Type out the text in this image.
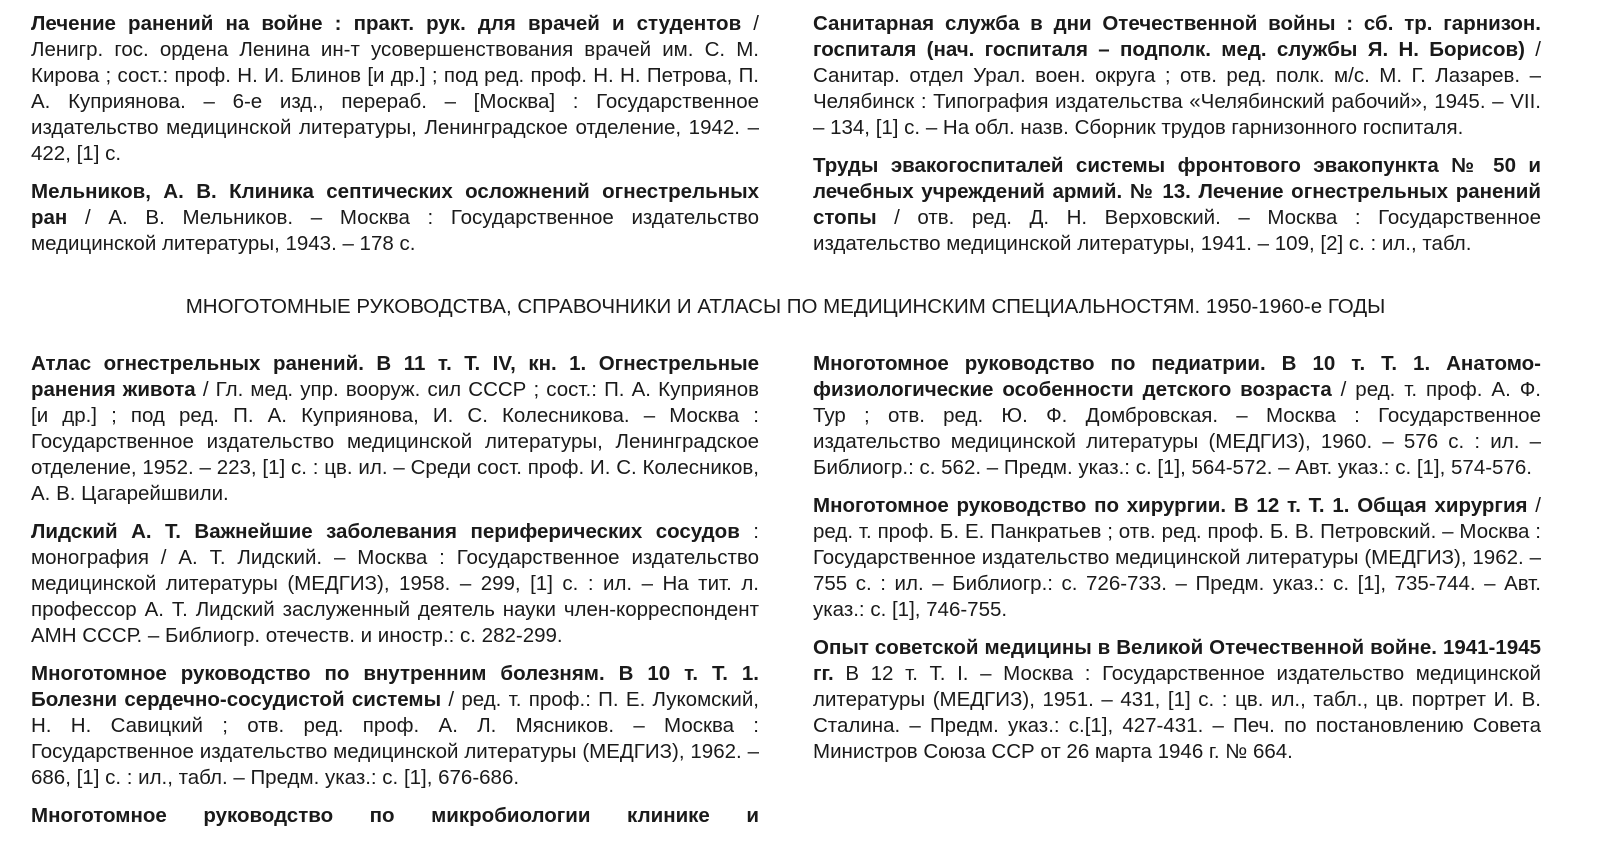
Лечение ранений на войне : практ. рук. для врачей и студентов / Ленигр. гос. ордена Ленина ин-т усовершенствования врачей им. С. М. Кирова ; сост.: проф. Н. И. Блинов [и др.] ; под ред. проф. Н. Н. Петрова, П. А. Куприянова. – 6-е изд., перераб. – [Москва] : Государственное издательство медицинской литературы, Ленинградское отделение, 1942. – 422, [1] с.

Мельников, А. В. Клиника септических осложнений огнестрельных ран / А. В. Мельников. – Москва : Государственное издательство медицинской литературы, 1943. – 178 с.

Санитарная служба в дни Отечественной войны : сб. тр. гарнизон. госпиталя (нач. госпиталя – подполк. мед. службы Я. Н. Борисов) / Санитар. отдел Урал. воен. округа ; отв. ред. полк. м/с. М. Г. Лазарев. – Челябинск : Типография издательства «Челябинский рабочий», 1945. – VII. – 134, [1] с. – На обл. назв. Сборник трудов гарнизонного госпиталя.

Труды эвакогоспиталей системы фронтового эвакопункта № 50 и лечебных учреждений армий. № 13. Лечение огнестрельных ранений стопы / отв. ред. Д. Н. Верховский. – Москва : Государственное издательство медицинской литературы, 1941. – 109, [2] с. : ил., табл.

МНОГОТОМНЫЕ РУКОВОДСТВА, СПРАВОЧНИКИ И АТЛАСЫ ПО МЕДИЦИНСКИМ СПЕЦИАЛЬНОСТЯМ. 1950-1960-е ГОДЫ

Атлас огнестрельных ранений. В 11 т. Т. IV, кн. 1. Огнестрельные ранения живота / Гл. мед. упр. вооруж. сил СССР ; сост.: П. А. Куприянов [и др.] ; под ред. П. А. Куприянова, И. С. Колесникова. – Москва : Государственное издательство медицинской литературы, Ленинградское отделение, 1952. – 223, [1] с. : цв. ил. – Среди сост. проф. И. С. Колесников, А. В. Цагарейшвили.

Лидский А. Т. Важнейшие заболевания периферических сосудов : монография / А. Т. Лидский. – Москва : Государственное издательство медицинской литературы (МЕДГИЗ), 1958. – 299, [1] с. : ил. – На тит. л. профессор А. Т. Лидский заслуженный деятель науки член-корреспондент АМН СССР. – Библиогр. отечеств. и иностр.: с. 282-299.

Многотомное руководство по внутренним болезням. В 10 т. Т. 1. Болезни сердечно-сосудистой системы / ред. т. проф.: П. Е. Лукомский, Н. Н. Савицкий ; отв. ред. проф. А. Л. Мясников. – Москва : Государственное издательство медицинской литературы (МЕДГИЗ), 1962. – 686, [1] с. : ил., табл. – Предм. указ.: с. [1], 676-686.

Многотомное руководство по микробиологии клинике и

Многотомное руководство по педиатрии. В 10 т. Т. 1. Анатомо-физиологические особенности детского возраста / ред. т. проф. А. Ф. Тур ; отв. ред. Ю. Ф. Домбровская. – Москва : Государственное издательство медицинской литературы (МЕДГИЗ), 1960. – 576 с. : ил. – Библиогр.: с. 562. – Предм. указ.: с. [1], 564-572. – Авт. указ.: с. [1], 574-576.

Многотомное руководство по хирургии. В 12 т. Т. 1. Общая хирургия / ред. т. проф. Б. Е. Панкратьев ; отв. ред. проф. Б. В. Петровский. – Москва : Государственное издательство медицинской литературы (МЕДГИЗ), 1962. – 755 с. : ил. – Библиогр.: с. 726-733. – Предм. указ.: с. [1], 735-744. – Авт. указ.: с. [1], 746-755.

Опыт советской медицины в Великой Отечественной войне. 1941-1945 гг. В 12 т. Т. I. – Москва : Государственное издательство медицинской литературы (МЕДГИЗ), 1951. – 431, [1] с. : цв. ил., табл., цв. портрет И. В. Сталина. – Предм. указ.: с.[1], 427-431. – Печ. по постановлению Совета Министров Союза ССР от 26 марта 1946 г. № 664.
